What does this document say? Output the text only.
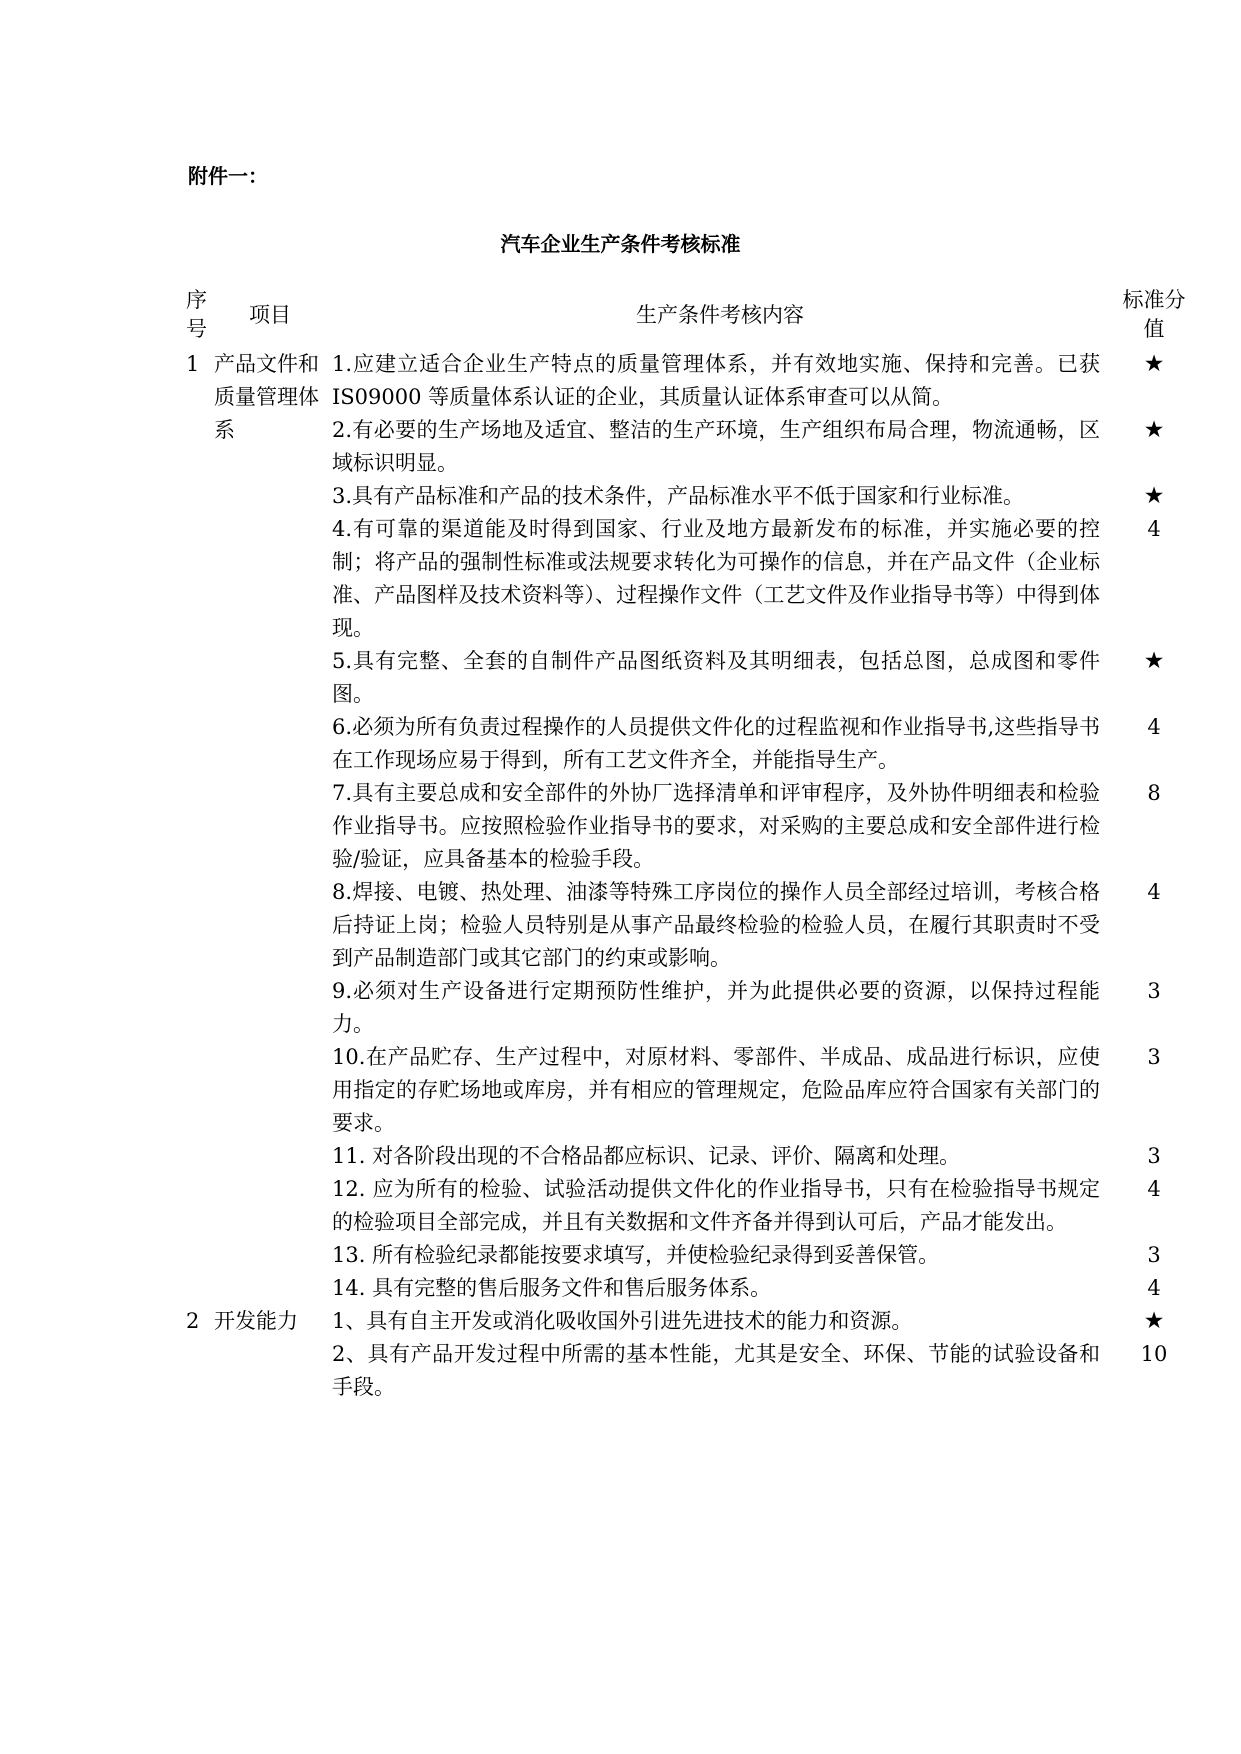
附件一：
汽车企业生产条件考核标准
序号	项目	生产条件考核内容	标准分值
1	产品文件和质量管理体系	1.应建立适合企业生产特点的质量管理体系，并有效地实施、保持和完善。已获 IS09000 等质量体系认证的企业，其质量认证体系审查可以从简。	★
		2.有必要的生产场地及适宜、整洁的生产环境，生产组织布局合理，物流通畅，区域标识明显。	★
		3.具有产品标准和产品的技术条件，产品标准水平不低于国家和行业标准。	★
		4.有可靠的渠道能及时得到国家、行业及地方最新发布的标准，并实施必要的控制；将产品的强制性标准或法规要求转化为可操作的信息，并在产品文件（企业标准、产品图样及技术资料等）、过程操作文件（工艺文件及作业指导书等）中得到体现。	4
		5.具有完整、全套的自制件产品图纸资料及其明细表，包括总图，总成图和零件图。	★
		6.必须为所有负责过程操作的人员提供文件化的过程监视和作业指导书,这些指导书在工作现场应易于得到，所有工艺文件齐全，并能指导生产。	4
		7.具有主要总成和安全部件的外协厂选择清单和评审程序，及外协件明细表和检验作业指导书。应按照检验作业指导书的要求，对采购的主要总成和安全部件进行检验/验证，应具备基本的检验手段。	8
		8.焊接、电镀、热处理、油漆等特殊工序岗位的操作人员全部经过培训，考核合格后持证上岗；检验人员特别是从事产品最终检验的检验人员，在履行其职责时不受到产品制造部门或其它部门的约束或影响。	4
		9.必须对生产设备进行定期预防性维护，并为此提供必要的资源，以保持过程能力。	3
		10.在产品贮存、生产过程中，对原材料、零部件、半成品、成品进行标识，应使用指定的存贮场地或库房，并有相应的管理规定，危险品库应符合国家有关部门的要求。	3
		11. 对各阶段出现的不合格品都应标识、记录、评价、隔离和处理。	3
		12. 应为所有的检验、试验活动提供文件化的作业指导书，只有在检验指导书规定的检验项目全部完成，并且有关数据和文件齐备并得到认可后，产品才能发出。	4
		13. 所有检验纪录都能按要求填写，并使检验纪录得到妥善保管。	3
		14. 具有完整的售后服务文件和售后服务体系。	4
2	开发能力	1、具有自主开发或消化吸收国外引进先进技术的能力和资源。	★
		2、具有产品开发过程中所需的基本性能，尤其是安全、环保、节能的试验设备和手段。	10
